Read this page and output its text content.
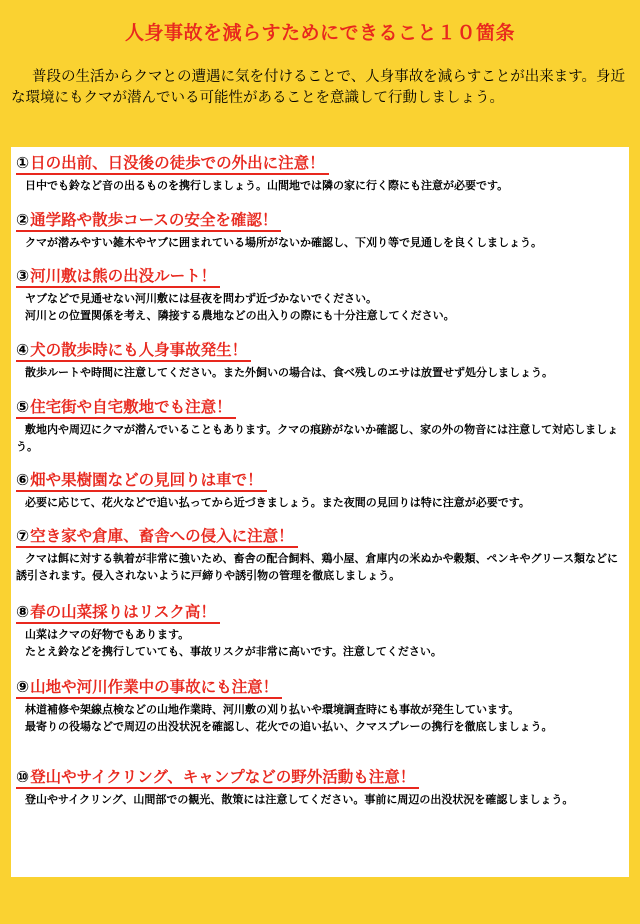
人身事故を減らすためにできること１０箇条
普段の生活からクマとの遭遇に気を付けることで、人身事故を減らすことが出来ます。身近な環境にもクマが潜んでいる可能性があることを意識して行動しましょう。
①日の出前、日没後の徒歩での外出に注意！
日中でも鈴など音の出るものを携行しましょう。山間地では隣の家に行く際にも注意が必要です。
②通学路や散歩コースの安全を確認！
クマが潜みやすい雑木やヤブに囲まれている場所がないか確認し、下刈り等で見通しを良くしましょう。
③河川敷は熊の出没ルート！
ヤブなどで見通せない河川敷には昼夜を問わず近づかないでください。
河川との位置関係を考え、隣接する農地などの出入りの際にも十分注意してください。
④犬の散歩時にも人身事故発生！
散歩ルートや時間に注意してください。また外飼いの場合は、食べ残しのエサは放置せず処分しましょう。
⑤住宅街や自宅敷地でも注意！
敷地内や周辺にクマが潜んでいることもあります。クマの痕跡がないか確認し、家の外の物音には注意して対応しましょう。
⑥畑や果樹園などの見回りは車で！
必要に応じて、花火などで追い払ってから近づきましょう。また夜間の見回りは特に注意が必要です。
⑦空き家や倉庫、畜舎への侵入に注意！
クマは餌に対する執着が非常に強いため、畜舎の配合飼料、鶏小屋、倉庫内の米ぬかや穀類、ペンキやグリース類などに誘引されます。侵入されないように戸締りや誘引物の管理を徹底しましょう。
⑧春の山菜採りはリスク高！
山菜はクマの好物でもあります。
たとえ鈴などを携行していても、事故リスクが非常に高いです。注意してください。
⑨山地や河川作業中の事故にも注意！
林道補修や架線点検などの山地作業時、河川敷の刈り払いや環境調査時にも事故が発生しています。
最寄りの役場などで周辺の出没状況を確認し、花火での追い払い、クマスプレーの携行を徹底しましょう。
⑩登山やサイクリング、キャンプなどの野外活動も注意！
登山やサイクリング、山間部での観光、散策には注意してください。事前に周辺の出没状況を確認しましょう。
